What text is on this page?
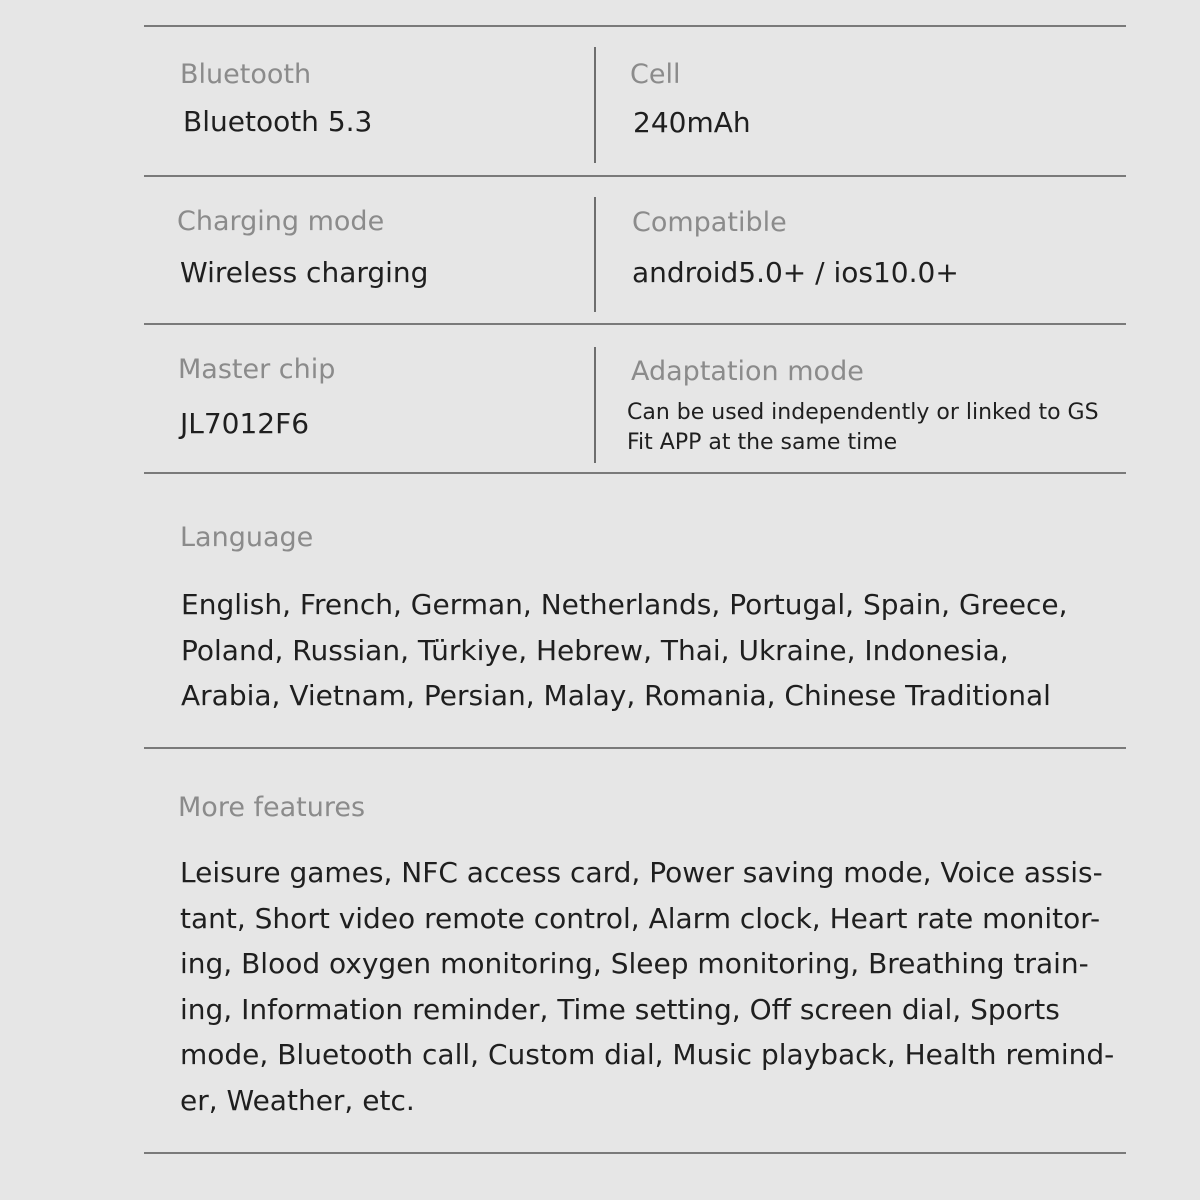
Bluetooth
Bluetooth 5.3
Cell
240mAh
Charging mode
Wireless charging
Compatible
android5.0+ / ios10.0+
Master chip
JL7012F6
Adaptation mode
Can be used independently or linked to GS
Fit APP at the same time
Language
English, French, German, Netherlands, Portugal, Spain, Greece,
Poland, Russian, Türkiye, Hebrew, Thai, Ukraine, Indonesia,
Arabia, Vietnam, Persian, Malay, Romania, Chinese Traditional
More features
Leisure games, NFC access card, Power saving mode, Voice assis-
tant, Short video remote control, Alarm clock, Heart rate monitor-
ing, Blood oxygen monitoring, Sleep monitoring, Breathing train-
ing, Information reminder, Time setting, Off screen dial, Sports
mode, Bluetooth call, Custom dial, Music playback, Health remind-
er, Weather, etc.
